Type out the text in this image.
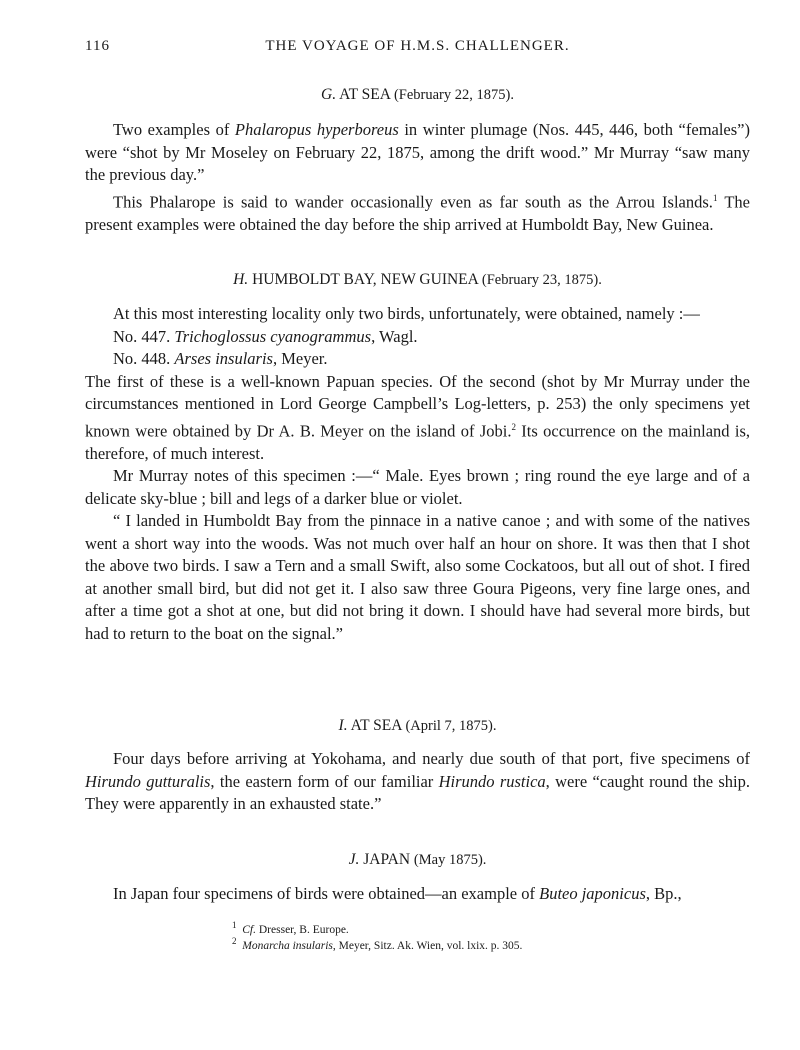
116	THE VOYAGE OF H.M.S. CHALLENGER.
G. AT SEA (February 22, 1875).

Two examples of Phalaropus hyperboreus in winter plumage (Nos. 445, 446, both “females”) were “shot by Mr Moseley on February 22, 1875, among the drift wood.” Mr Murray “saw many the previous day.”

This Phalarope is said to wander occasionally even as far south as the Arrou Islands.$^1$ The present examples were obtained the day before the ship arrived at Humboldt Bay, New Guinea.

H. HUMBOLDT BAY, NEW GUINEA (February 23, 1875).

At this most interesting locality only two birds, unfortunately, were obtained, namely :—

No. 447. Trichoglossus cyanogrammus, Wagl.

No. 448. Arses insularis, Meyer.

The first of these is a well-known Papuan species. Of the second (shot by Mr Murray under the circumstances mentioned in Lord George Campbell’s Log-letters, p. 253) the only specimens yet known were obtained by Dr A. B. Meyer on the island of Jobi.$^2$ Its occurrence on the mainland is, therefore, of much interest.

Mr Murray notes of this specimen :—“ Male. Eyes brown ; ring round the eye large and of a delicate sky-blue ; bill and legs of a darker blue or violet.

“ I landed in Humboldt Bay from the pinnace in a native canoe ; and with some of the natives went a short way into the woods. Was not much over half an hour on shore. It was then that I shot the above two birds. I saw a Tern and a small Swift, also some Cockatoos, but all out of shot. I fired at another small bird, but did not get it. I also saw three Goura Pigeons, very fine large ones, and after a time got a shot at one, but did not bring it down. I should have had several more birds, but had to return to the boat on the signal.”

I. AT SEA (April 7, 1875).

Four days before arriving at Yokohama, and nearly due south of that port, five specimens of Hirundo gutturalis, the eastern form of our familiar Hirundo rustica, were “caught round the ship. They were apparently in an exhausted state.”

J. JAPAN (May 1875).

In Japan four specimens of birds were obtained—an example of Buteo japonicus, Bp.,

$^1$ Cf. Dresser, B. Europe.
$^2$ Monarcha insularis, Meyer, Sitz. Ak. Wien, vol. lxix. p. 305.
